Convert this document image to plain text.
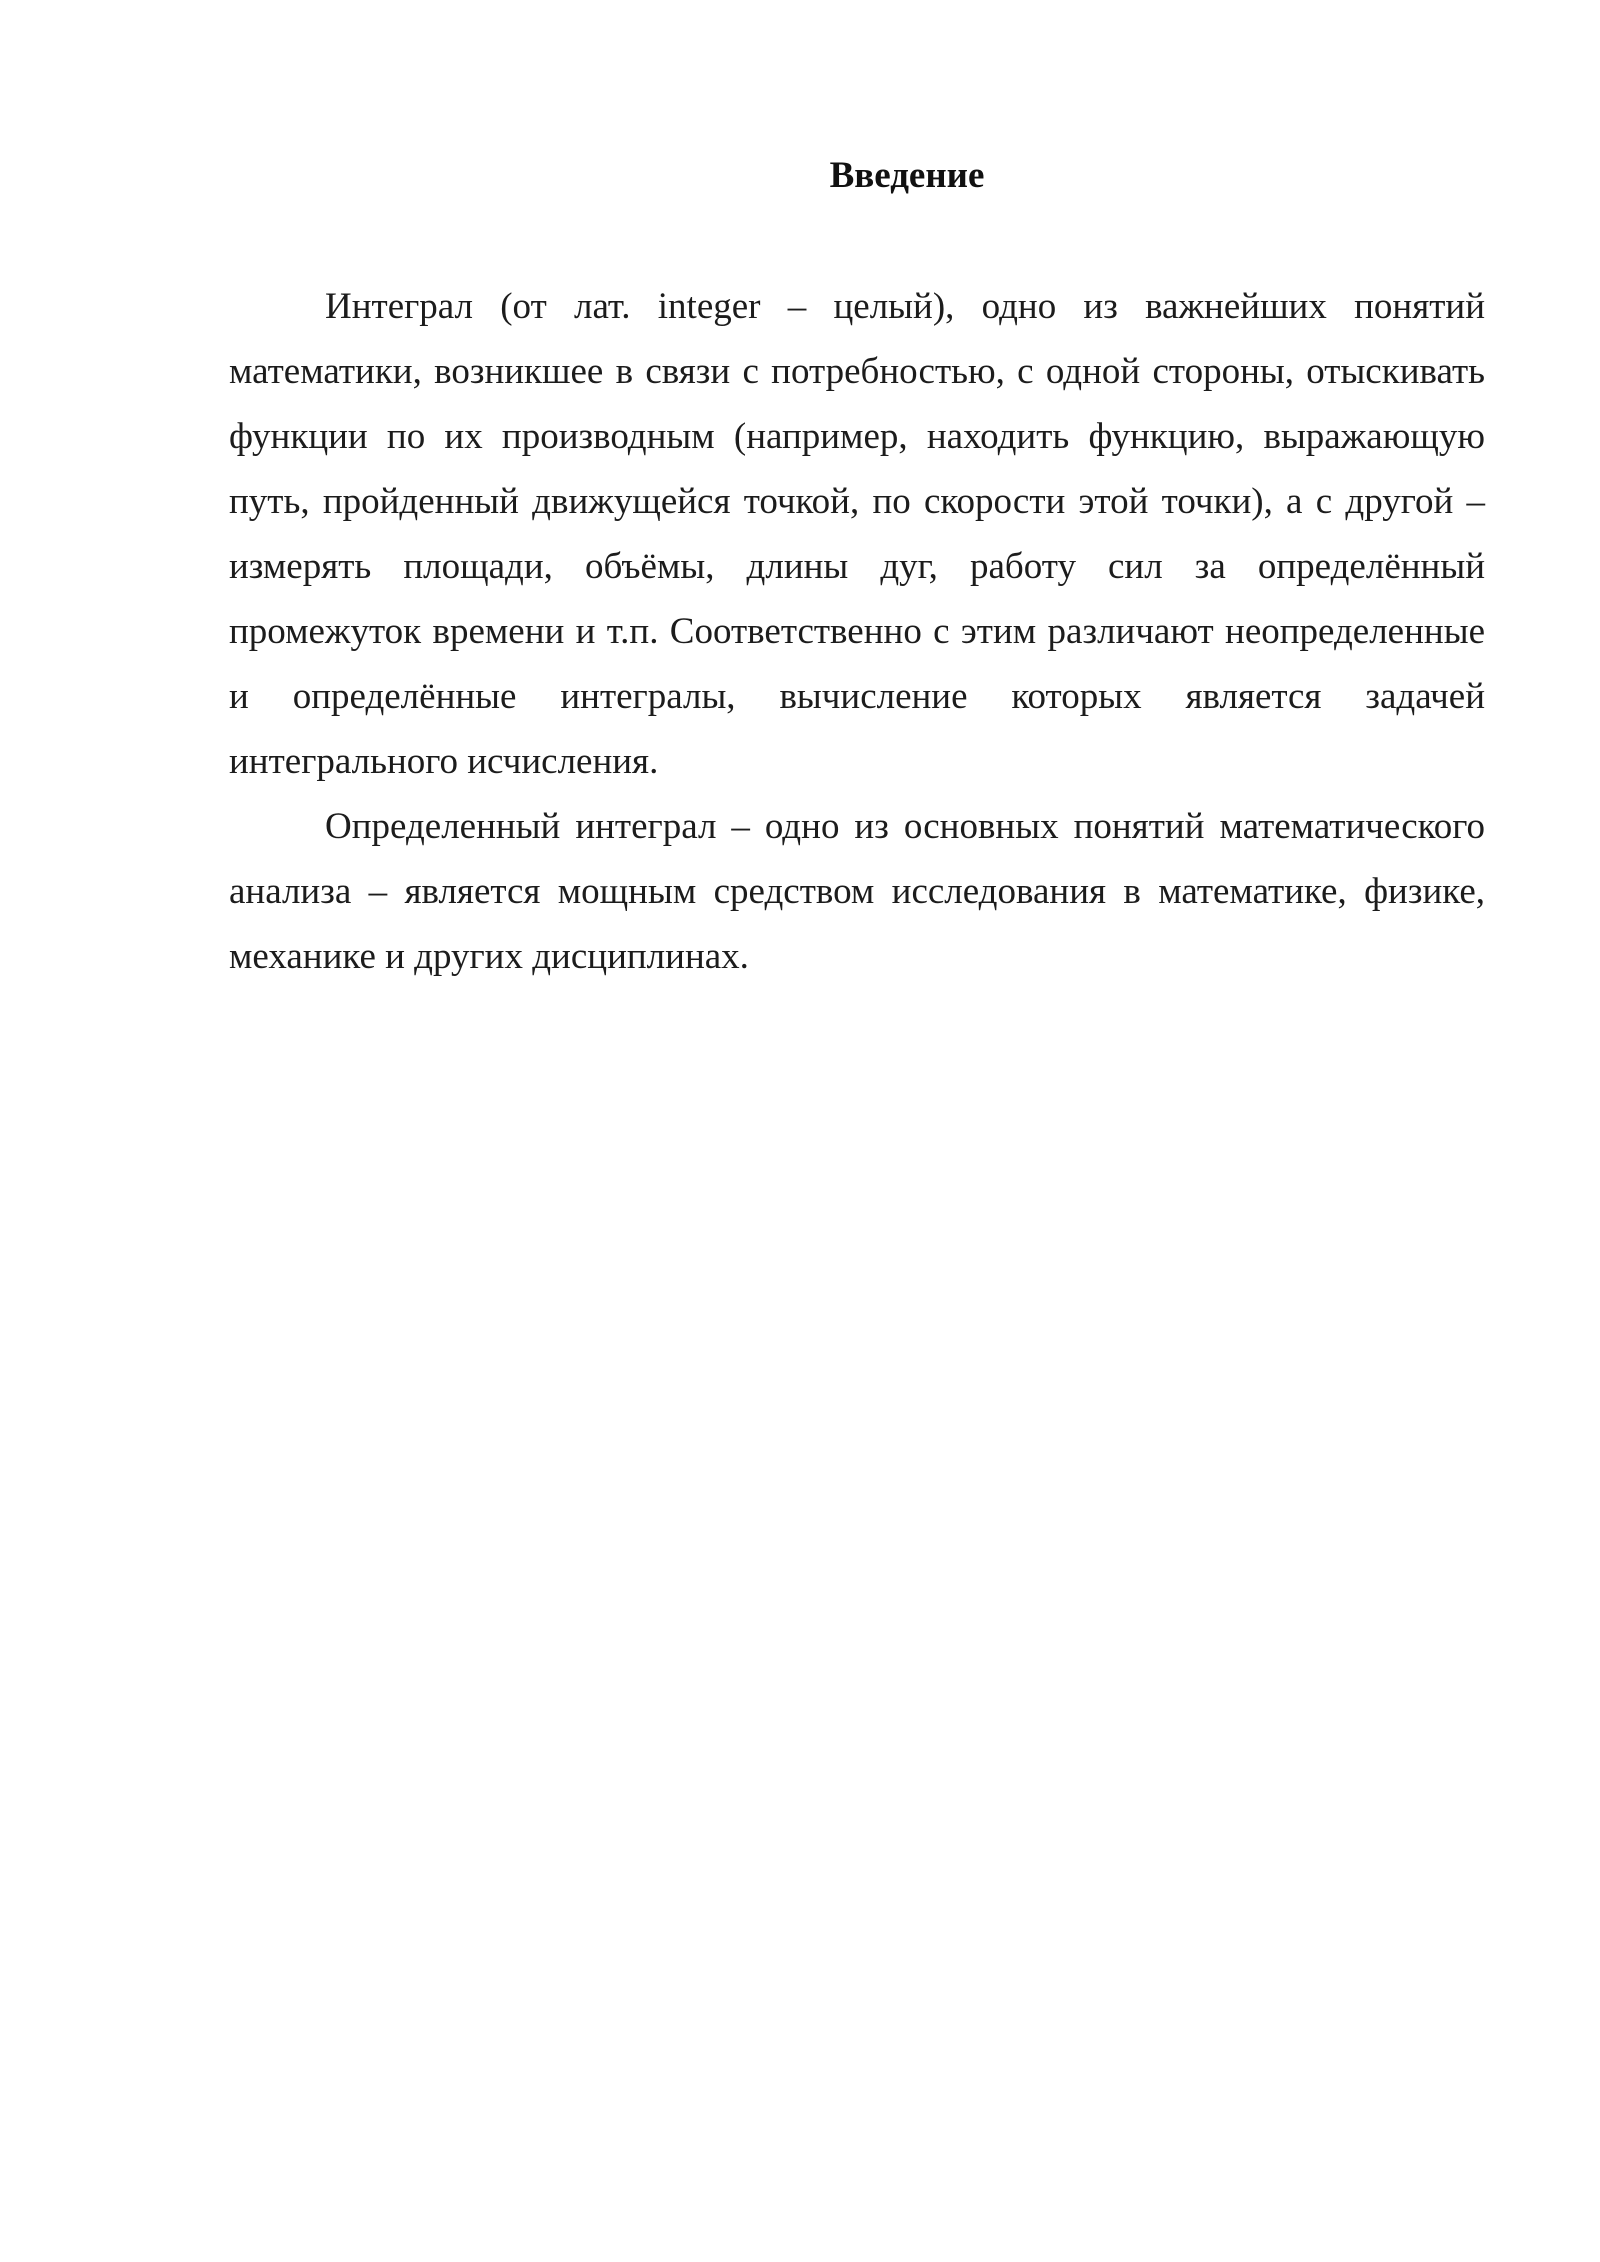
Введение

Интеграл (от лат. integer – целый), одно из важнейших понятий математики, возникшее в связи с потребностью, с одной стороны, отыскивать функции по их производным (например, находить функцию, выражающую путь, пройденный движущейся точкой, по скорости этой точки), а с другой – измерять площади, объёмы, длины дуг, работу сил за определённый промежуток времени и т.п. Соответственно с этим различают неопределенные и определённые интегралы, вычисление которых является задачей интегрального исчисления.

Определенный интеграл – одно из основных понятий математического анализа – является мощным средством исследования в математике, физике, механике и других дисциплинах.
